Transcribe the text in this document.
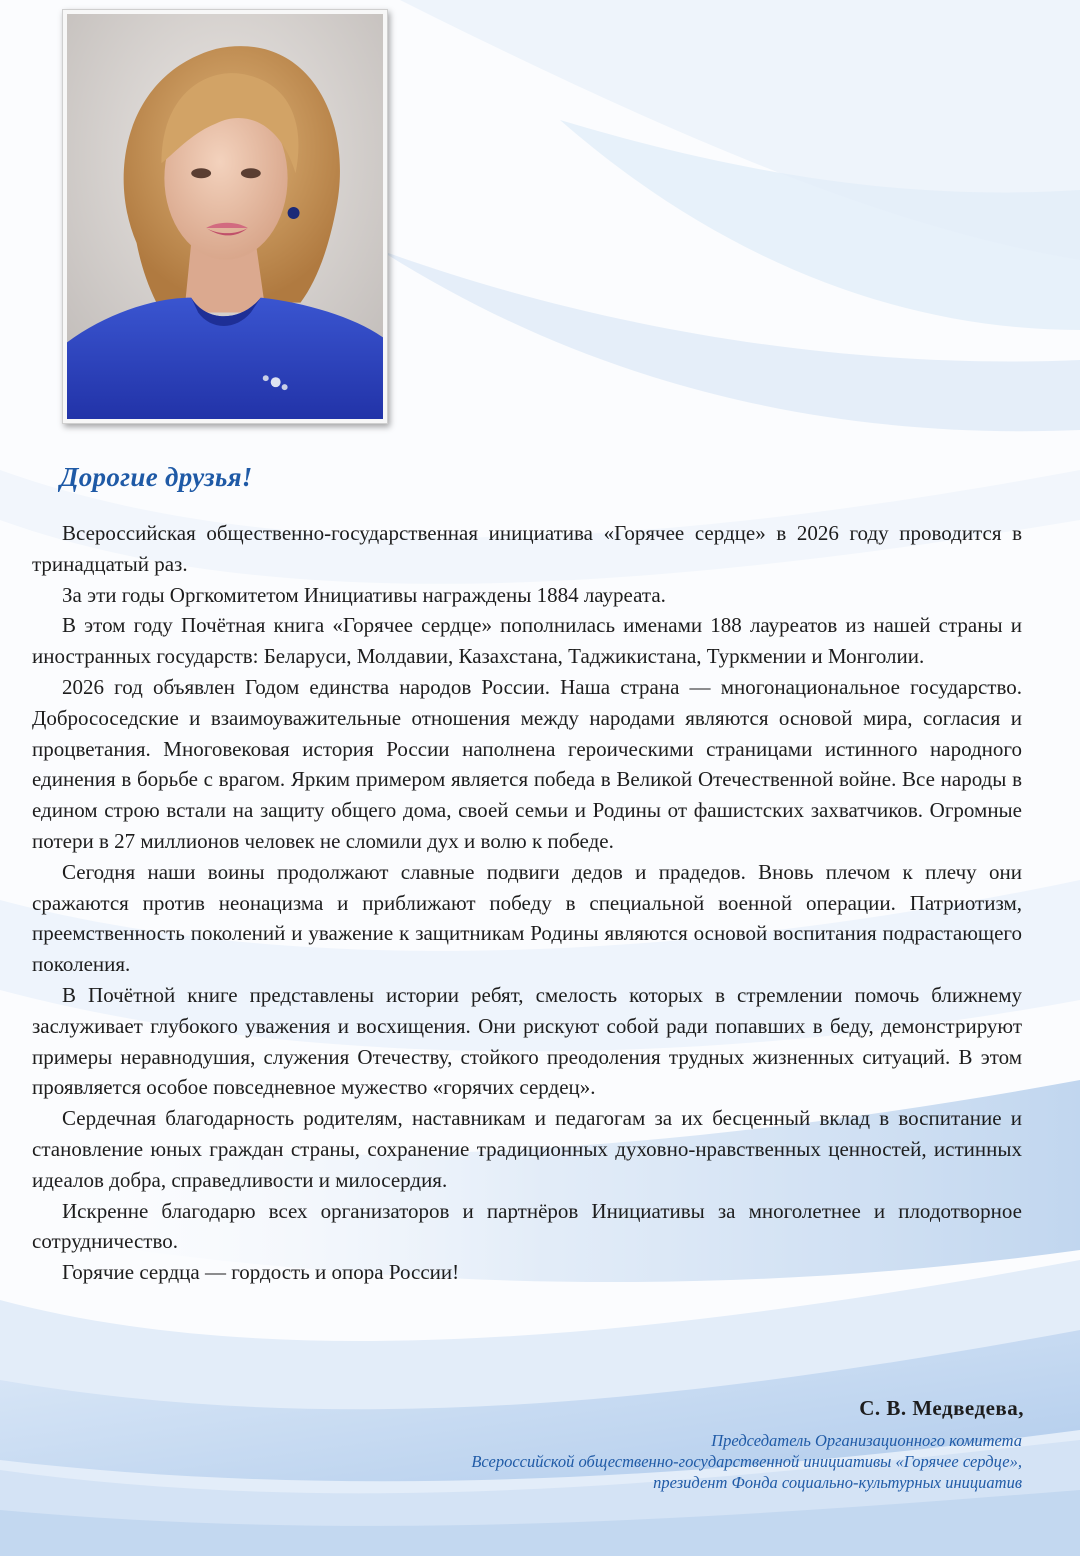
Дорогие друзья!

Всероссийская общественно-государственная инициатива «Горячее сердце» в 2026 году проводится в тринадцатый раз.

За эти годы Оргкомитетом Инициативы награждены 1884 лауреата.

В этом году Почётная книга «Горячее сердце» пополнилась именами 188 лауреатов из нашей страны и иностранных государств: Беларуси, Молдавии, Казахстана, Таджикистана, Туркмении и Монголии.

2026 год объявлен Годом единства народов России. Наша страна — многонациональное государство. Добрососедские и взаимоуважительные отношения между народами являются основой мира, согласия и процветания. Многовековая история России наполнена героическими страницами истинного народного единения в борьбе с врагом. Ярким примером является победа в Великой Отечественной войне. Все народы в едином строю встали на защиту общего дома, своей семьи и Родины от фашистских захватчиков. Огромные потери в 27 миллионов человек не сломили дух и волю к победе.

Сегодня наши воины продолжают славные подвиги дедов и прадедов. Вновь плечом к плечу они сражаются против неонацизма и приближают победу в специальной военной операции. Патриотизм, преемственность поколений и уважение к защитникам Родины являются основой воспитания подрастающего поколения.

В Почётной книге представлены истории ребят, смелость которых в стремлении помочь ближнему заслуживает глубокого уважения и восхищения. Они рискуют собой ради попавших в беду, демонстрируют примеры неравнодушия, служения Отечеству, стойкого преодоления трудных жизненных ситуаций. В этом проявляется особое повседневное мужество «горячих сердец».

Сердечная благодарность родителям, наставникам и педагогам за их бесценный вклад в воспитание и становление юных граждан страны, сохранение традиционных духовно-нравственных ценностей, истинных идеалов добра, справедливости и милосердия.

Искренне благодарю всех организаторов и партнёров Инициативы за многолетнее и плодотворное сотрудничество.

Горячие сердца — гордость и опора России!

С. В. Медведева,

Председатель Организационного комитета
Всероссийской общественно-государственной инициативы «Горячее сердце»,
президент Фонда социально-культурных инициатив
